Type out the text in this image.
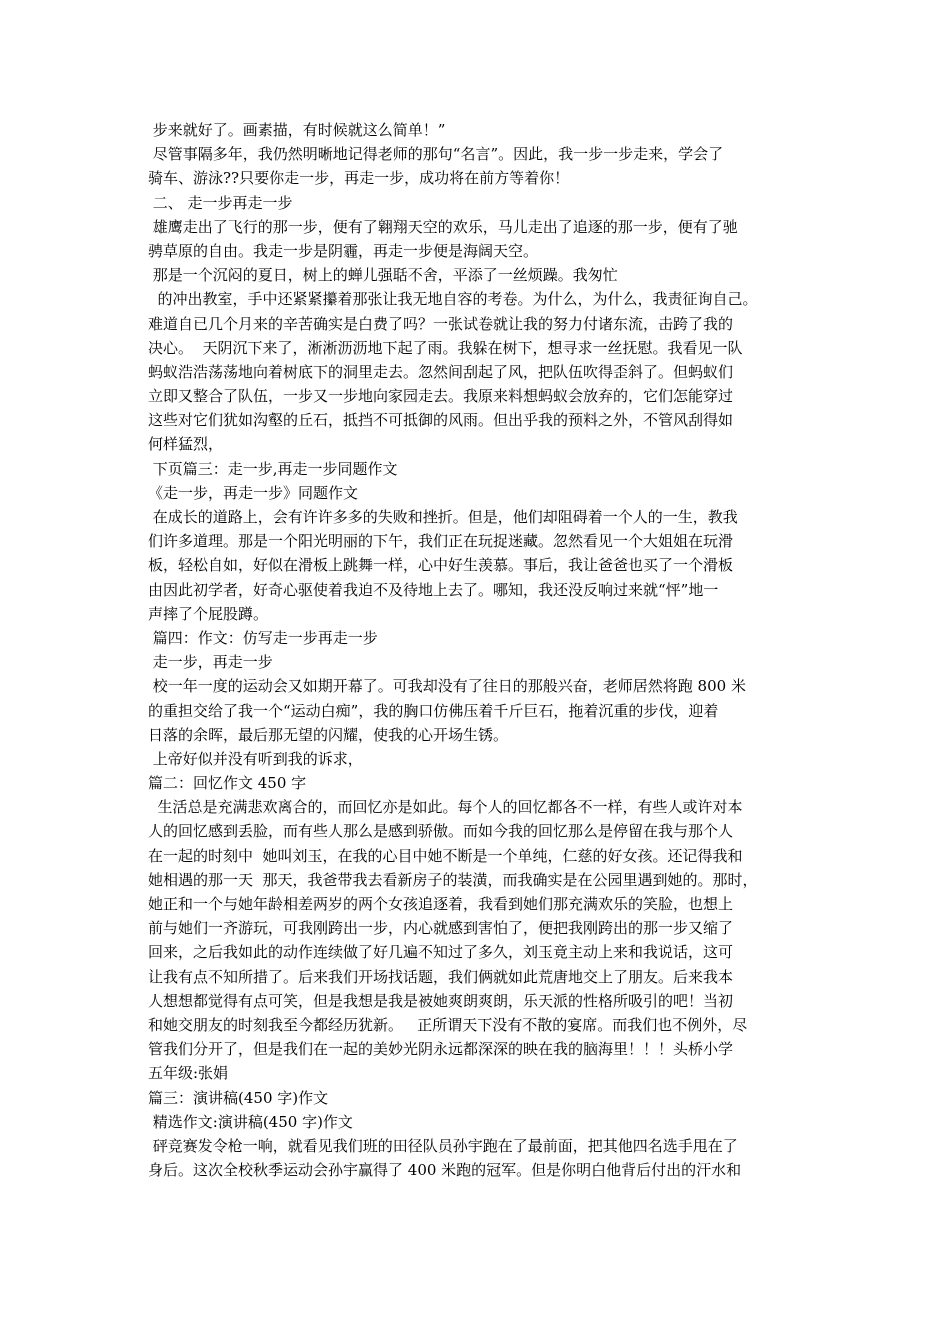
步来就好了。画素描，有时候就这么简单！”
尽管事隔多年，我仍然明晰地记得老师的那句“名言”。因此，我一步一步走来，学会了
骑车、游泳??只要你走一步，再走一步，成功将在前方等着你！
二、 走一步再走一步
雄鹰走出了飞行的那一步，便有了翱翔天空的欢乐，马儿走出了追逐的那一步，便有了驰
骋草原的自由。我走一步是阴霾，再走一步便是海阔天空。
那是一个沉闷的夏日，树上的蝉儿强聒不舍，平添了一丝烦躁。我匆忙
的冲出教室，手中还紧紧攥着那张让我无地自容的考卷。为什么，为什么，我责征询自己。
难道自已几个月来的辛苦确实是白费了吗？一张试卷就让我的努力付诸东流，击跨了我的
决心。  天阴沉下来了，淅淅沥沥地下起了雨。我躲在树下，想寻求一丝抚慰。我看见一队
蚂蚁浩浩荡荡地向着树底下的洞里走去。忽然间刮起了风，把队伍吹得歪斜了。但蚂蚁们
立即又整合了队伍，一步又一步地向家园走去。我原来料想蚂蚁会放弃的，它们怎能穿过
这些对它们犹如沟壑的丘石，抵挡不可抵御的风雨。但出乎我的预料之外，不管风刮得如
何样猛烈，
下页篇三：走一步,再走一步同题作文
《走一步，再走一步》同题作文
在成长的道路上，会有许许多多的失败和挫折。但是，他们却阻碍着一个人的一生，教我
们许多道理。那是一个阳光明丽的下午，我们正在玩捉迷藏。忽然看见一个大姐姐在玩滑
板，轻松自如，好似在滑板上跳舞一样，心中好生羡慕。事后，我让爸爸也买了一个滑板
由因此初学者，好奇心驱使着我迫不及待地上去了。哪知，我还没反响过来就“怦”地一
声摔了个屁股蹲。
篇四：作文：仿写走一步再走一步
走一步，再走一步
校一年一度的运动会又如期开幕了。可我却没有了往日的那般兴奋，老师居然将跑 800 米
的重担交给了我一个“运动白痴”，我的胸口仿佛压着千斤巨石，拖着沉重的步伐，迎着
日落的余晖，最后那无望的闪耀，使我的心开场生锈。
上帝好似并没有听到我的诉求，
篇二：回忆作文 450 字
生活总是充满悲欢离合的，而回忆亦是如此。每个人的回忆都各不一样，有些人或许对本
人的回忆感到丢脸，而有些人那么是感到骄傲。而如今我的回忆那么是停留在我与那个人
在一起的时刻中  她叫刘玉，在我的心目中她不断是一个单纯，仁慈的好女孩。还记得我和
她相遇的那一天  那天，我爸带我去看新房子的装潢，而我确实是在公园里遇到她的。那时，
她正和一个与她年龄相差两岁的两个女孩追逐着，我看到她们那充满欢乐的笑脸，也想上
前与她们一齐游玩，可我刚跨出一步，内心就感到害怕了，便把我刚跨出的那一步又缩了
回来，之后我如此的动作连续做了好几遍不知过了多久，刘玉竟主动上来和我说话，这可
让我有点不知所措了。后来我们开场找话题，我们俩就如此荒唐地交上了朋友。后来我本
人想想都觉得有点可笑，但是我想是我是被她爽朗爽朗，乐天派的性格所吸引的吧！当初
和她交朋友的时刻我至今都经历犹新。   正所谓天下没有不散的宴席。而我们也不例外，尽
管我们分开了，但是我们在一起的美妙光阴永远都深深的映在我的脑海里！！！头桥小学
五年级:张娟
篇三：演讲稿(450 字)作文
精选作文:演讲稿(450 字)作文
砰竞赛发令枪一响，就看见我们班的田径队员孙宇跑在了最前面，把其他四名选手甩在了
身后。这次全校秋季运动会孙宇赢得了 400 米跑的冠军。但是你明白他背后付出的汗水和
